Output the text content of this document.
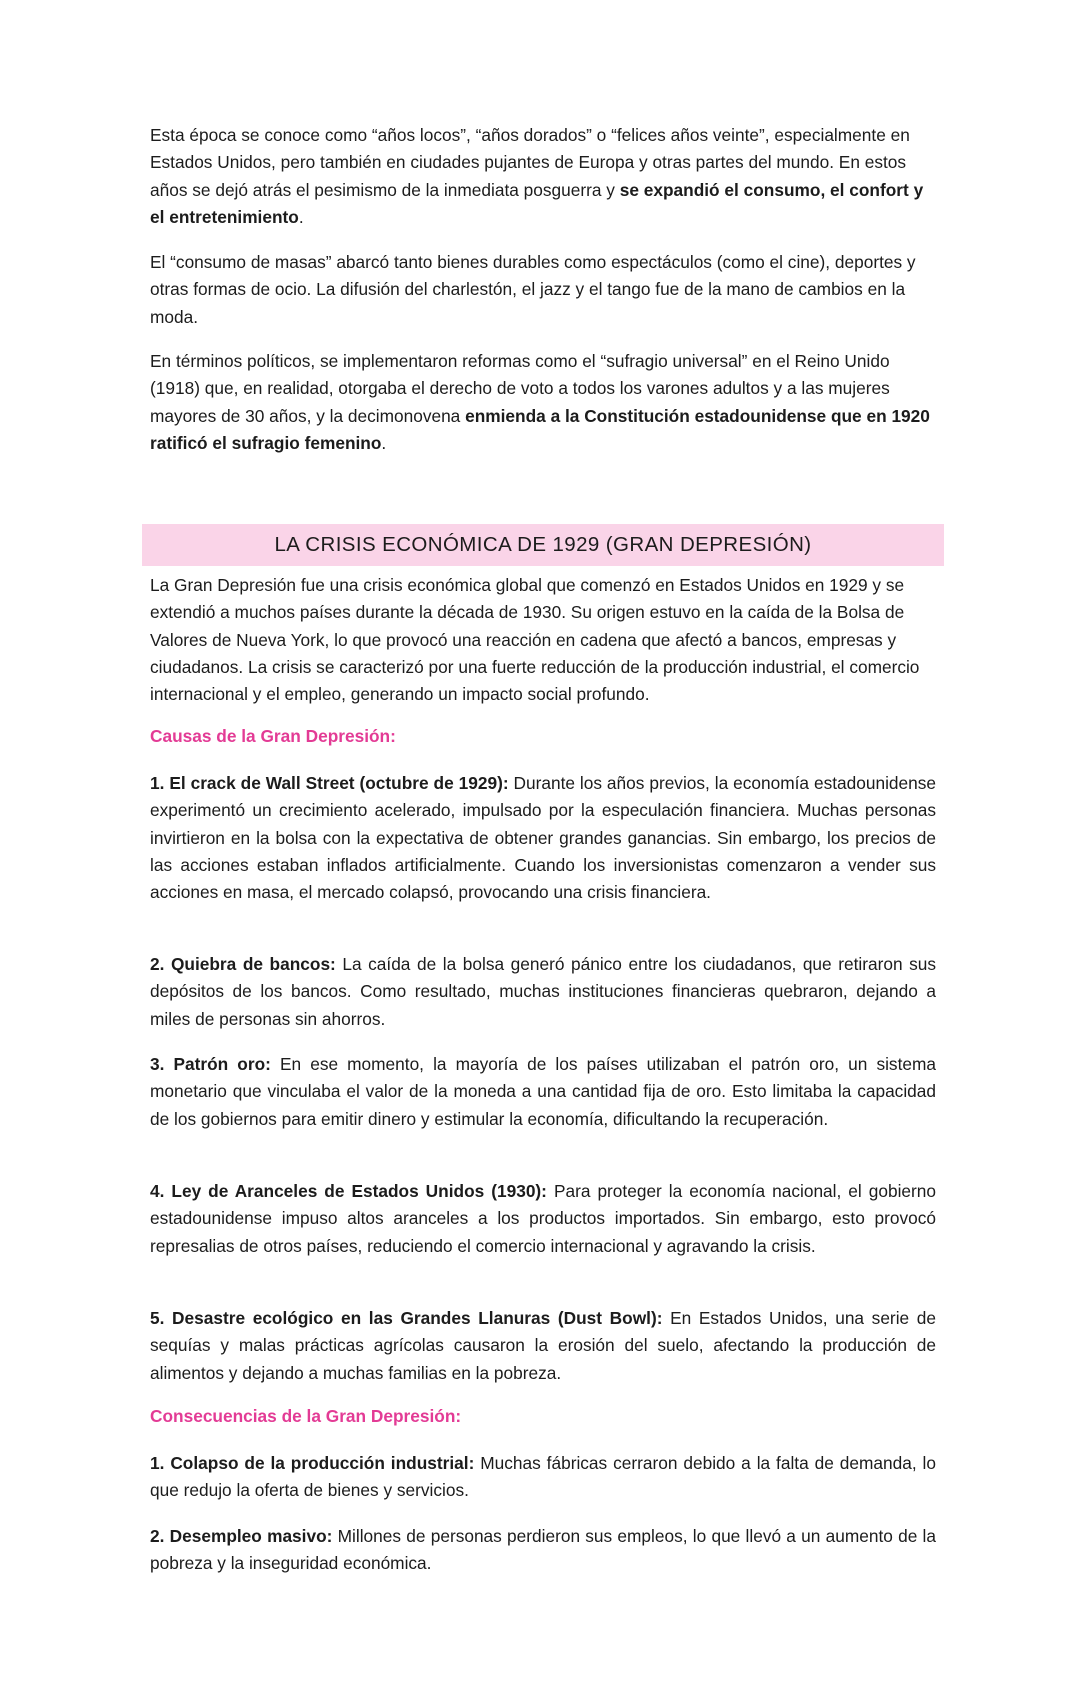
Esta época se conoce como “años locos”, “años dorados” o “felices años veinte”, especialmente en Estados Unidos, pero también en ciudades pujantes de Europa y otras partes del mundo. En estos años se dejó atrás el pesimismo de la inmediata posguerra y se expandió el consumo, el confort y el entretenimiento.

El “consumo de masas” abarcó tanto bienes durables como espectáculos (como el cine), deportes y otras formas de ocio. La difusión del charlestón, el jazz y el tango fue de la mano de cambios en la moda.

En términos políticos, se implementaron reformas como el “sufragio universal” en el Reino Unido (1918) que, en realidad, otorgaba el derecho de voto a todos los varones adultos y a las mujeres mayores de 30 años, y la decimonovena enmienda a la Constitución estadounidense que en 1920 ratificó el sufragio femenino.

LA CRISIS ECONÓMICA DE 1929 (GRAN DEPRESIÓN)

La Gran Depresión fue una crisis económica global que comenzó en Estados Unidos en 1929 y se extendió a muchos países durante la década de 1930. Su origen estuvo en la caída de la Bolsa de Valores de Nueva York, lo que provocó una reacción en cadena que afectó a bancos, empresas y ciudadanos. La crisis se caracterizó por una fuerte reducción de la producción industrial, el comercio internacional y el empleo, generando un impacto social profundo.

Causas de la Gran Depresión:

1. El crack de Wall Street (octubre de 1929): Durante los años previos, la economía estadounidense experimentó un crecimiento acelerado, impulsado por la especulación financiera. Muchas personas invirtieron en la bolsa con la expectativa de obtener grandes ganancias. Sin embargo, los precios de las acciones estaban inflados artificialmente. Cuando los inversionistas comenzaron a vender sus acciones en masa, el mercado colapsó, provocando una crisis financiera.

2. Quiebra de bancos: La caída de la bolsa generó pánico entre los ciudadanos, que retiraron sus depósitos de los bancos. Como resultado, muchas instituciones financieras quebraron, dejando a miles de personas sin ahorros.

3. Patrón oro: En ese momento, la mayoría de los países utilizaban el patrón oro, un sistema monetario que vinculaba el valor de la moneda a una cantidad fija de oro. Esto limitaba la capacidad de los gobiernos para emitir dinero y estimular la economía, dificultando la recuperación.

4. Ley de Aranceles de Estados Unidos (1930): Para proteger la economía nacional, el gobierno estadounidense impuso altos aranceles a los productos importados. Sin embargo, esto provocó represalias de otros países, reduciendo el comercio internacional y agravando la crisis.

5. Desastre ecológico en las Grandes Llanuras (Dust Bowl): En Estados Unidos, una serie de sequías y malas prácticas agrícolas causaron la erosión del suelo, afectando la producción de alimentos y dejando a muchas familias en la pobreza.

Consecuencias de la Gran Depresión:

1. Colapso de la producción industrial: Muchas fábricas cerraron debido a la falta de demanda, lo que redujo la oferta de bienes y servicios.

2. Desempleo masivo: Millones de personas perdieron sus empleos, lo que llevó a un aumento de la pobreza y la inseguridad económica.
